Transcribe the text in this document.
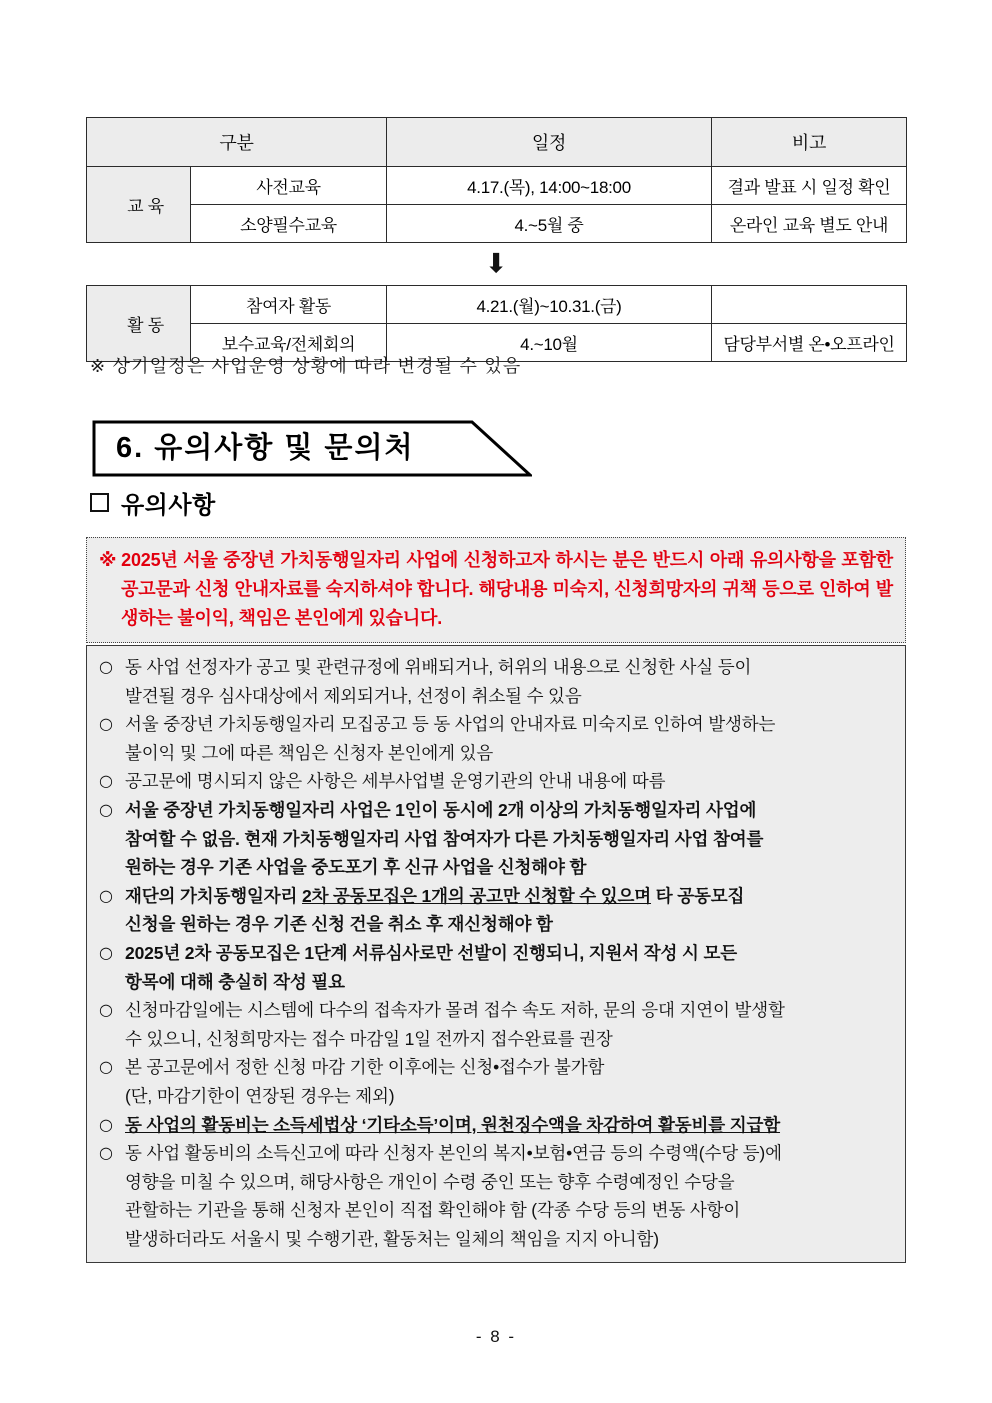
구분		일정	비고
교 육	사전교육	4.17.(목), 14:00~18:00	결과 발표 시 일정 확인
	소양필수교육	4.~5월 중	온라인 교육 별도 안내
⬇
활 동	참여자 활동	4.21.(월)~10.31.(금)	
	보수교육/전체회의	4.~10월	담당부서별 온•오프라인
※ 상기일정은 사업운영 상황에 따라 변경될 수 있음
6. 유의사항 및 문의처
유의사항

※ 2025년 서울 중장년 가치동행일자리 사업에 신청하고자 하시는 분은 반드시 아래 유의사항을 포함한 공고문과 신청 안내자료를 숙지하셔야 합니다. 해당내용 미숙지, 신청희망자의 귀책 등으로 인하여 발생하는 불이익, 책임은 본인에게 있습니다.

○ 동 사업 선정자가 공고 및 관련규정에 위배되거나, 허위의 내용으로 신청한 사실 등이
발견될 경우 심사대상에서 제외되거나, 선정이 취소될 수 있음
○ 서울 중장년 가치동행일자리 모집공고 등 동 사업의 안내자료 미숙지로 인하여 발생하는
불이익 및 그에 따른 책임은 신청자 본인에게 있음
○ 공고문에 명시되지 않은 사항은 세부사업별 운영기관의 안내 내용에 따름
○ 서울 중장년 가치동행일자리 사업은 1인이 동시에 2개 이상의 가치동행일자리 사업에
참여할 수 없음. 현재 가치동행일자리 사업 참여자가 다른 가치동행일자리 사업 참여를
원하는 경우 기존 사업을 중도포기 후 신규 사업을 신청해야 함
○ 재단의 가치동행일자리 2차 공동모집은 1개의 공고만 신청할 수 있으며 타 공동모집
신청을 원하는 경우 기존 신청 건을 취소 후 재신청해야 함
○ 2025년 2차 공동모집은 1단계 서류심사로만 선발이 진행되니, 지원서 작성 시 모든
항목에 대해 충실히 작성 필요
○ 신청마감일에는 시스템에 다수의 접속자가 몰려 접수 속도 저하, 문의 응대 지연이 발생할
수 있으니, 신청희망자는 접수 마감일 1일 전까지 접수완료를 권장
○ 본 공고문에서 정한 신청 마감 기한 이후에는 신청•접수가 불가함
(단, 마감기한이 연장된 경우는 제외)
○ 동 사업의 활동비는 소득세법상 ‘기타소득’이며, 원천징수액을 차감하여 활동비를 지급함
○ 동 사업 활동비의 소득신고에 따라 신청자 본인의 복지•보험•연금 등의 수령액(수당 등)에
영향을 미칠 수 있으며, 해당사항은 개인이 수령 중인 또는 향후 수령예정인 수당을
관할하는 기관을 통해 신청자 본인이 직접 확인해야 함 (각종 수당 등의 변동 사항이
발생하더라도 서울시 및 수행기관, 활동처는 일체의 책임을 지지 아니함)
- 8 -
